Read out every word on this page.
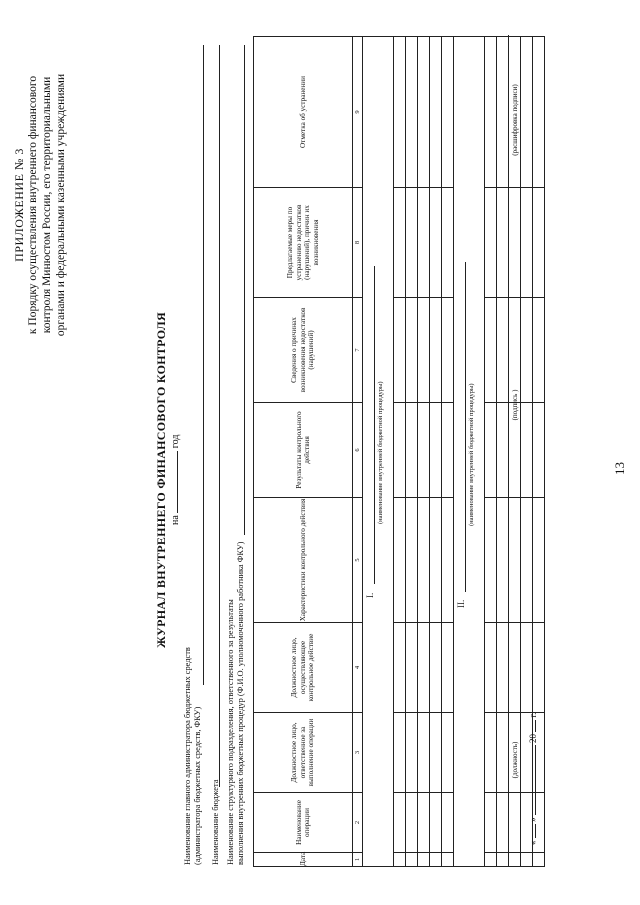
13
ПРИЛОЖЕНИЕ № 3 к Порядку осуществления внутреннего финансового контроля Минюстом России, его территориальными органами и федеральными казенными учреждениями
ЖУРНАЛ ВНУТРЕННЕГО ФИНАНСОВОГО КОНТРОЛЯ на  год
Наименование главного администратора бюджетных средств (администратора бюджетных средств, ФКУ) Наименование бюджета Наименование структурного подразделения, ответственного за результаты выполнения внутренних бюджетных процедур (Ф.И.О. уполномоченного работника ФКУ)	Дата	Наименование операции	Должностное лицо, ответственное за выполнение операции	Должностное лицо, осуществляющее контрольное действие	Характеристики контрольного действия	Результаты контрольного действия	Сведения о причинах возникновения недостатков (нарушений)	Предлагаемые меры по устранению недостатков (нарушений), причин их возникновения	Отметка об устранении
1	2	3	4	5	6	7	8	9

I.
(наименование внутренней бюджетной процедуры)								

II.
(наименование внутренней бюджетной процедуры)								

(должность)
(подпись )
(расшифровка подписи)
«  »  20  г.
